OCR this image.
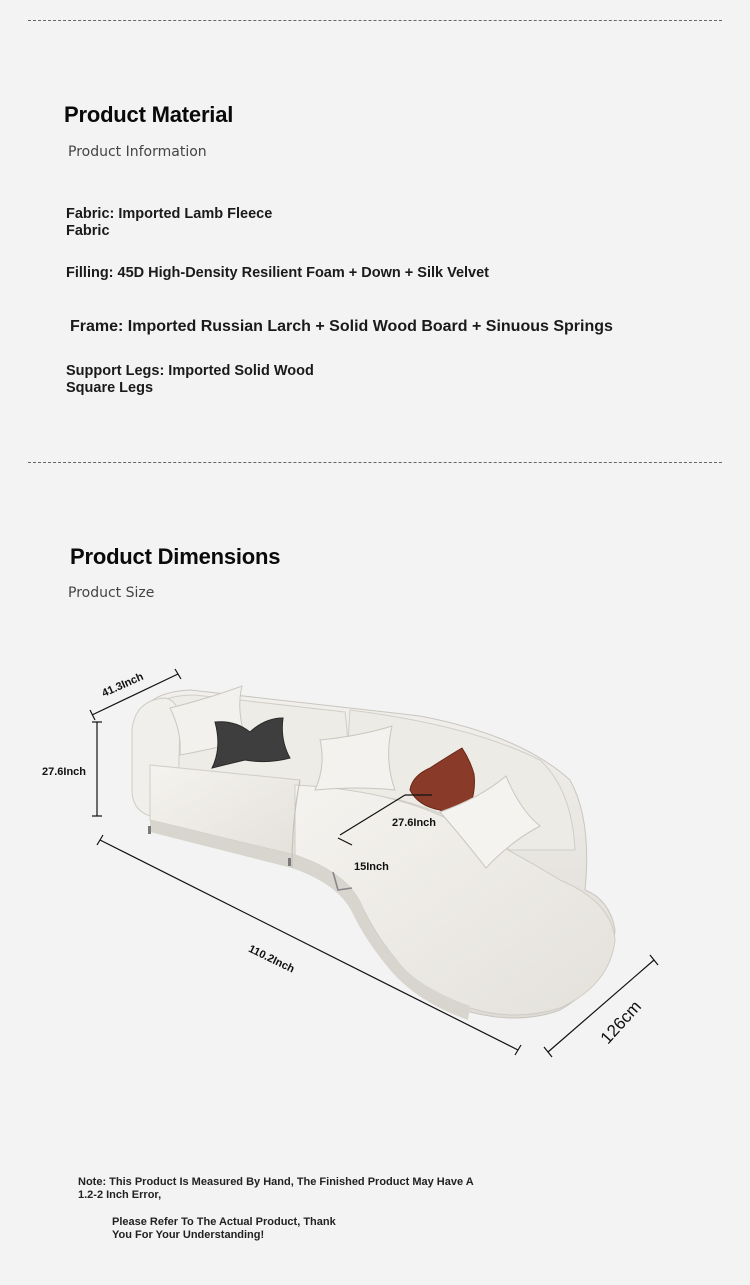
Product Material

Product Information

Fabric: Imported Lamb Fleece
Fabric

Filling: 45D High-Density Resilient Foam + Down + Silk Velvet

Frame: Imported Russian Larch + Solid Wood Board + Sinuous Springs

Support Legs: Imported Solid Wood
Square Legs

Product Dimensions

Product Size

41.3Inch
27.6Inch
27.6Inch
15Inch
110.2Inch
126cm

Note: This Product Is Measured By Hand, The Finished Product May Have A
1.2-2 Inch Error,

Please Refer To The Actual Product, Thank
You For Your Understanding!
